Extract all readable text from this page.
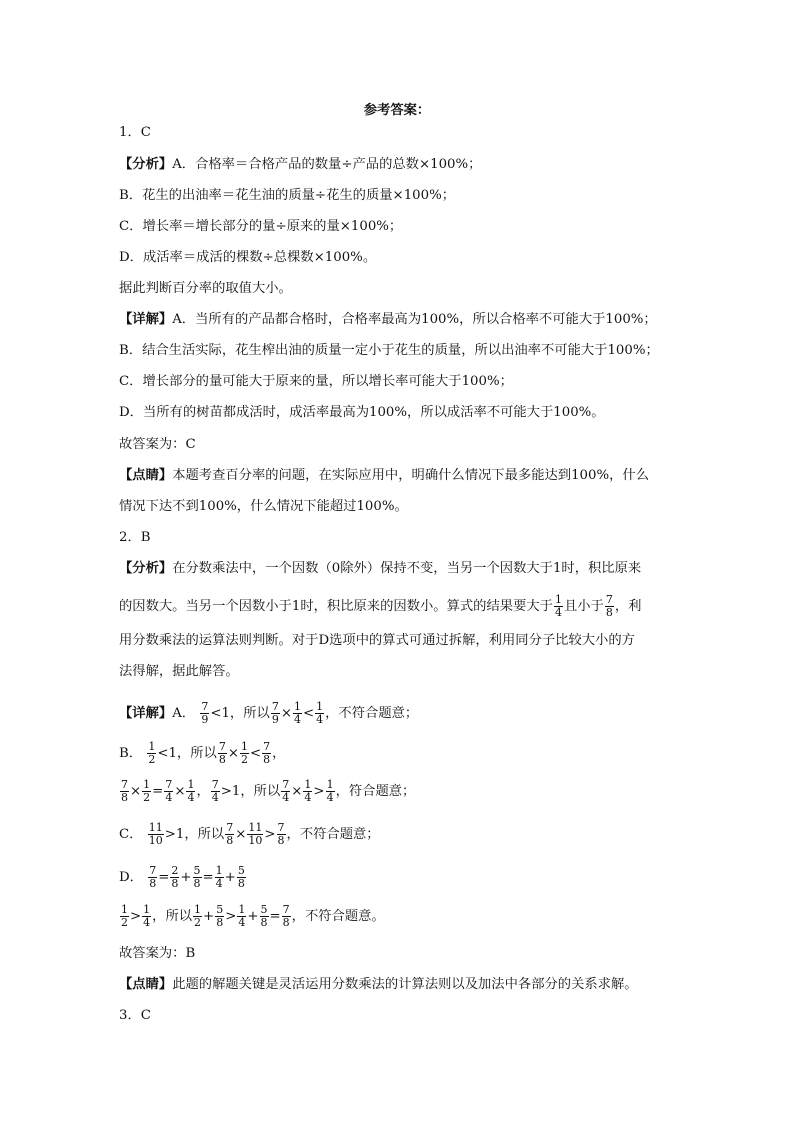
参考答案：
1．C
【分析】A．合格率＝合格产品的数量÷产品的总数×100%；
B．花生的出油率＝花生油的质量÷花生的质量×100%；
C．增长率＝增长部分的量÷原来的量×100%；
D．成活率＝成活的棵数÷总棵数×100%。
据此判断百分率的取值大小。
【详解】A．当所有的产品都合格时，合格率最高为100%，所以合格率不可能大于100%；
B．结合生活实际，花生榨出油的质量一定小于花生的质量，所以出油率不可能大于100%；
C．增长部分的量可能大于原来的量，所以增长率可能大于100%；
D．当所有的树苗都成活时，成活率最高为100%，所以成活率不可能大于100%。
故答案为：C
【点睛】本题考查百分率的问题，在实际应用中，明确什么情况下最多能达到100%，什么
情况下达不到100%，什么情况下能超过100%。
2．B
【分析】在分数乘法中，一个因数（0除外）保持不变，当另一个因数大于1时，积比原来
的因数大。当另一个因数小于1时，积比原来的因数小。算式的结果要大于 $\frac{1}{4}$ 且小于 $\frac{7}{8}$ ，利
用分数乘法的运算法则判断。对于D选项中的算式可通过拆解，利用同分子比较大小的方
法得解，据此解答。
【详解】A． $\frac{7}{9} <1$，所以 $\frac{7}{9} \times \frac{1}{4} < \frac{1}{4}$ ，不符合题意；
B． $\frac{1}{2} <1$，所以 $\frac{7}{8} \times \frac{1}{2} < \frac{7}{8}$ ，
$\frac{7}{8} \times \frac{1}{2} = \frac{7}{4} \times \frac{1}{4}$ ， $\frac{7}{4} >1$，所以 $\frac{7}{4} \times \frac{1}{4} > \frac{1}{4}$ ，符合题意；
C． $\frac{11}{10} >1$，所以 $\frac{7}{8} \times \frac{11}{10} > \frac{7}{8}$ ，不符合题意；
D． $\frac{7}{8} = \frac{2}{8} + \frac{5}{8} = \frac{1}{4} + \frac{5}{8}$
$\frac{1}{2} > \frac{1}{4}$ ，所以 $\frac{1}{2} + \frac{5}{8} > \frac{1}{4} + \frac{5}{8} = \frac{7}{8}$ ，不符合题意。
故答案为：B
【点睛】此题的解题关键是灵活运用分数乘法的计算法则以及加法中各部分的关系求解。
3．C
